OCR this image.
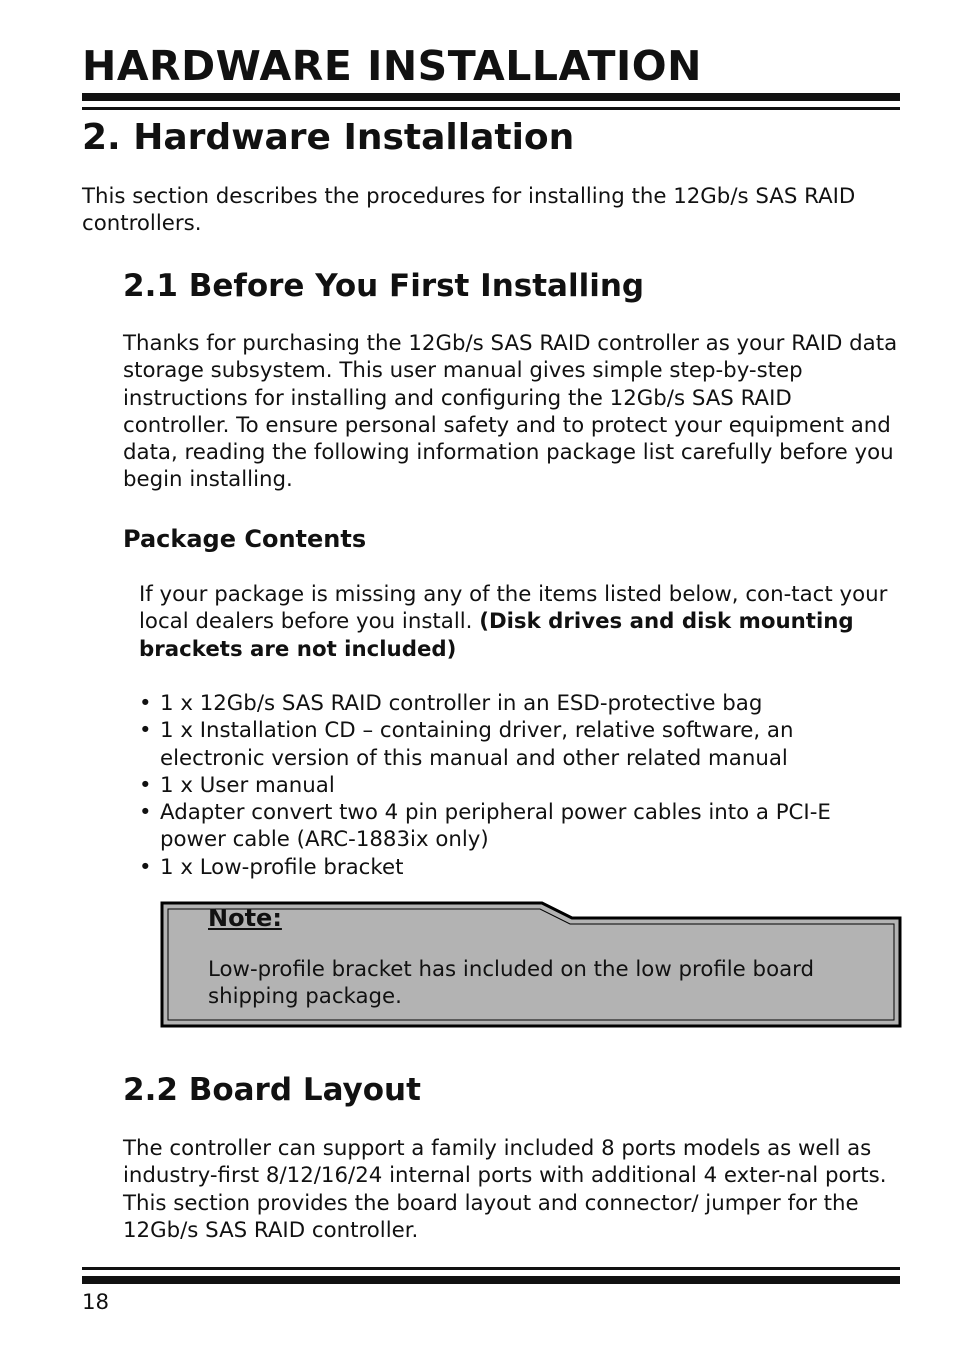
HARDWARE INSTALLATION
2. Hardware Installation

This section describes the procedures for installing the 12Gb/s SAS RAID controllers.

2.1 Before You First Installing

Thanks for purchasing the 12Gb/s SAS RAID controller as your RAID data storage subsystem. This user manual gives simple step-by-step instructions for installing and configuring the 12Gb/s SAS RAID controller. To ensure personal safety and to protect your equipment and data, reading the following information package list carefully before you begin installing.

Package Contents

If your package is missing any of the items listed below, con-tact your local dealers before you install. (Disk drives and disk mounting brackets are not included)

• 1 x 12Gb/s SAS RAID controller in an ESD-protective bag
• 1 x Installation CD – containing driver, relative software, an electronic version of this manual and other related manual
• 1 x User manual
• Adapter convert two 4 pin peripheral power cables into a PCI-E power cable (ARC-1883ix only)
• 1 x Low-profile bracket

Note:

Low-profile bracket has included on the low profile board shipping package.

2.2 Board Layout

The controller can support a family included 8 ports models as well as industry-first 8/12/16/24 internal ports with additional 4 exter-nal ports. This section provides the board layout and connector/ jumper for the 12Gb/s SAS RAID controller.

18
